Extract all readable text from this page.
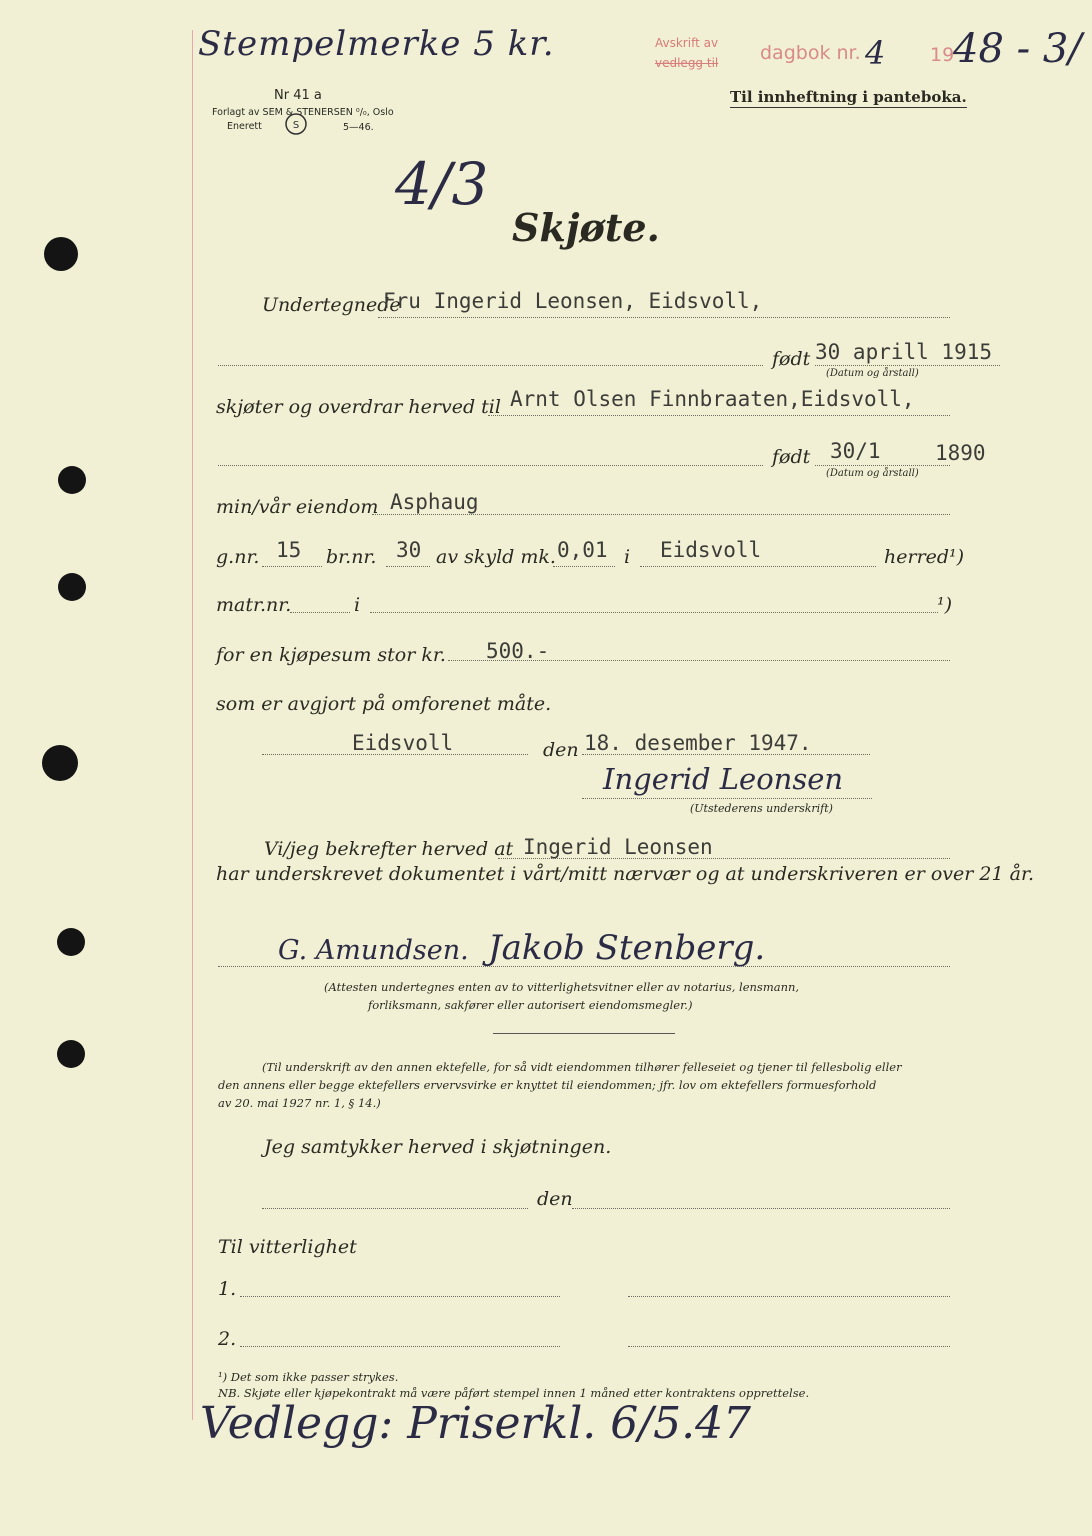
Stempelmerke 5 kr.	Avskrift av
vedlegg til dagbok nr. 4 19
48 - 3/
Nr 41 a
Forlagt av SEM & STENERSEN ⁰/₀, Oslo
Enerett	S	5—46.
Til innheftning i panteboka.
4/3
Skjøte.
Undertegnede
Fru Ingerid Leonsen, Eidsvoll,
født 30 aprill 1915
(Datum og årstall)
skjøter og overdrar herved til Arnt Olsen Finnbraaten,Eidsvoll,
født 30/1	1890
(Datum og årstall)
min/vår eiendom Asphaug
g.nr. 15 br.nr. 30 av skyld mk. 0,01 i Eidsvoll	herred¹)
matr.nr.	i	¹)
for en kjøpesum stor kr. 500.-
som er avgjort på omforenet måte.
Eidsvoll	den 18. desember 1947.
Ingerid Leonsen
(Utstederens underskrift)
Vi/jeg bekrefter herved at Ingerid Leonsen
har underskrevet dokumentet i vårt/mitt nærvær og at underskriveren er over 21 år.
G. Amundsen. Jakob Stenberg.
(Attesten undertegnes enten av to vitterlighetsvitner eller av notarius, lensmann,
forliksmann, sakfører eller autorisert eiendomsmegler.)
(Til underskrift av den annen ektefelle, for så vidt eiendommen tilhører felleseiet og tjener til fellesbolig eller
den annens eller begge ektefellers ervervsvirke er knyttet til eiendommen; jfr. lov om ektefellers formuesforhold
av 20. mai 1927 nr. 1, § 14.)
Jeg samtykker herved i skjøtningen.
den
Til vitterlighet
1.
2.
¹) Det som ikke passer strykes.
NB. Skjøte eller kjøpekontrakt må være påført stempel innen 1 måned etter kontraktens opprettelse.
Vedlegg: Priserkl. 6/5.47
